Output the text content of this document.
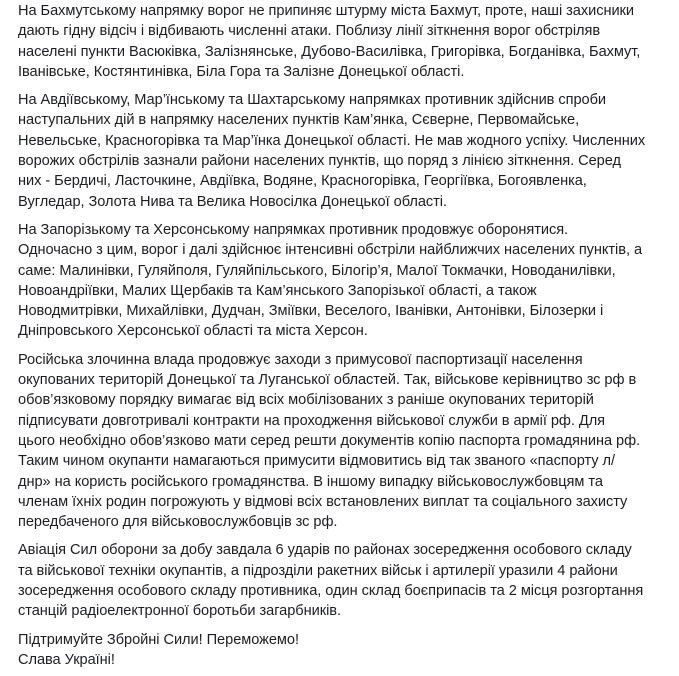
На Бахмутському напрямку ворог не припиняє штурму міста Бахмут, проте, наші захисники
дають гідну відсіч і відбивають численні атаки. Поблизу лінії зіткнення ворог обстріляв
населені пункти Васюківка, Залізнянське, Дубово-Василівка, Григорівка, Богданівка, Бахмут,
Іванівське, Костянтинівка, Біла Гора та Залізне Донецької області.

На Авдіївському, Мар’їнському та Шахтарському напрямках противник здійснив спроби
наступальних дій в напрямку населених пунктів Кам’янка, Сєверне, Первомайське,
Невельське, Красногорівка та Мар’їнка Донецької області. Не мав жодного успіху. Численних
ворожих обстрілів зазнали райони населених пунктів, що поряд з лінією зіткнення. Серед
них - Бердичі, Ласточкине, Авдіївка, Водяне, Красногорівка, Георгіївка, Богоявленка,
Вугледар, Золота Нива та Велика Новосілка Донецької області.

На Запорізькому та Херсонському напрямках противник продовжує оборонятися.
Одночасно з цим, ворог і далі здійснює інтенсивні обстріли найближчих населених пунктів, а
саме: Малинівки, Гуляйполя, Гуляйпільського, Білогір’я, Малої Токмачки, Новоданилівки,
Новоандріївки, Малих Щербаків та Кам’янського Запорізької області, а також
Новодмитрівки, Михайлівки, Дудчан, Змiївки, Веселого, Іванівки, Антонівки, Білозерки і
Дніпровського Херсонської області та міста Херсон.

Російська злочинна влада продовжує заходи з примусової паспортизації населення
окупованих територій Донецької та Луганської областей. Так, військове керівництво зс рф в
обов’язковому порядку вимагає від всіх мобілізованих з раніше окупованих територій
підписувати довготривалі контракти на проходження військової служби в армії рф. Для
цього необхідно обов’язково мати серед решти документів копію паспорта громадянина рф.
Таким чином окупанти намагаються примусити відмовитись від так званого «паспорту л/
днр» на користь російського громадянства. В іншому випадку військовослужбовцям та
членам їхніх родин погрожують у відмові всіх встановлених виплат та соціального захисту
передбаченого для військовослужбовців зс рф.

Авіація Сил оборони за добу завдала 6 ударів по районах зосередження особового складу
та військової техніки окупантів, а підрозділи ракетних військ і артилерії уразили 4 райони
зосередження особового складу противника, один склад боєприпасів та 2 місця розгортання
станцій радіоелектронної боротьби загарбників.

Підтримуйте Збройні Сили! Переможемо!
Слава Україні!
